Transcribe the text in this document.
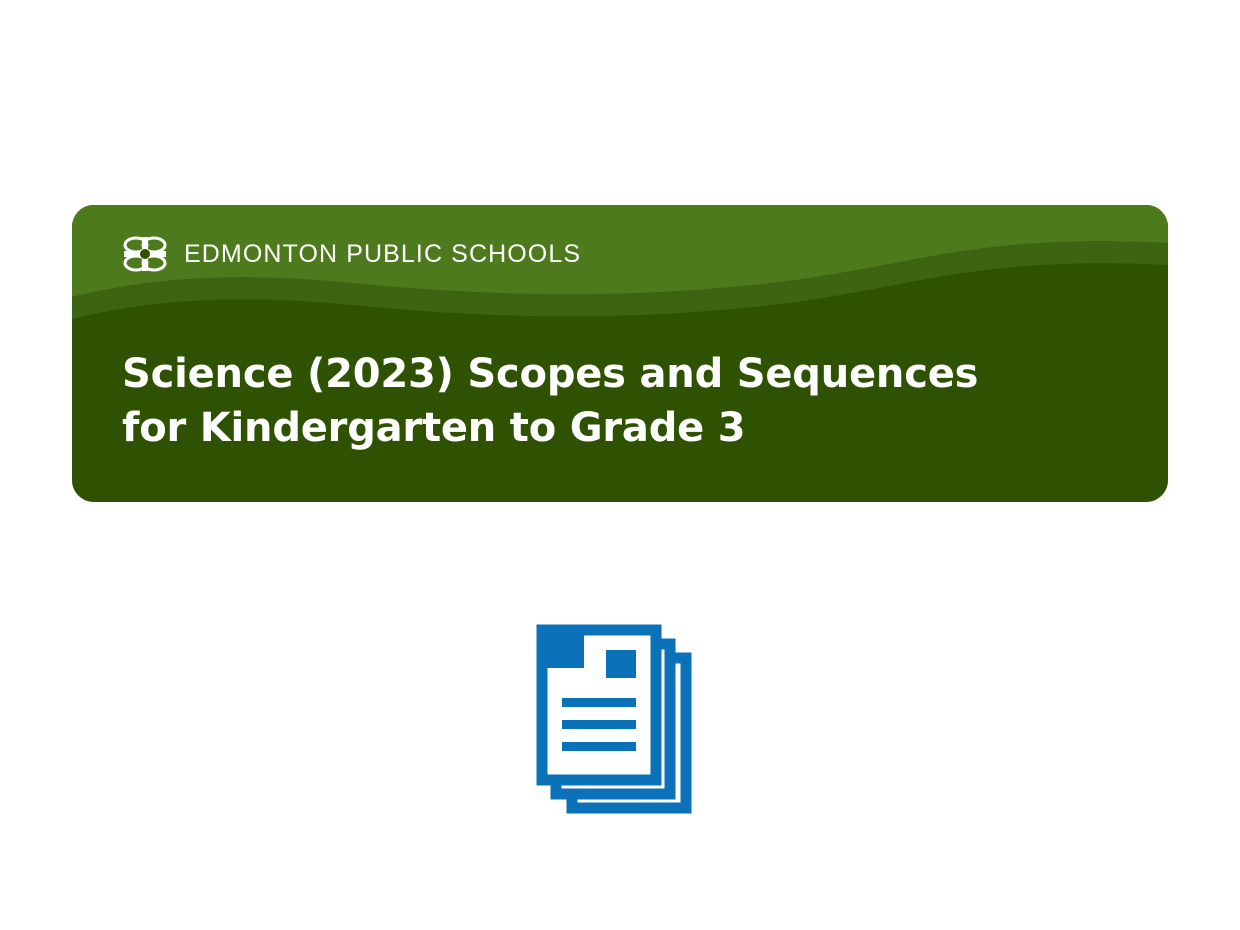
EDMONTON PUBLIC SCHOOLS
Science (2023) Scopes and Sequences
for Kindergarten to Grade 3
